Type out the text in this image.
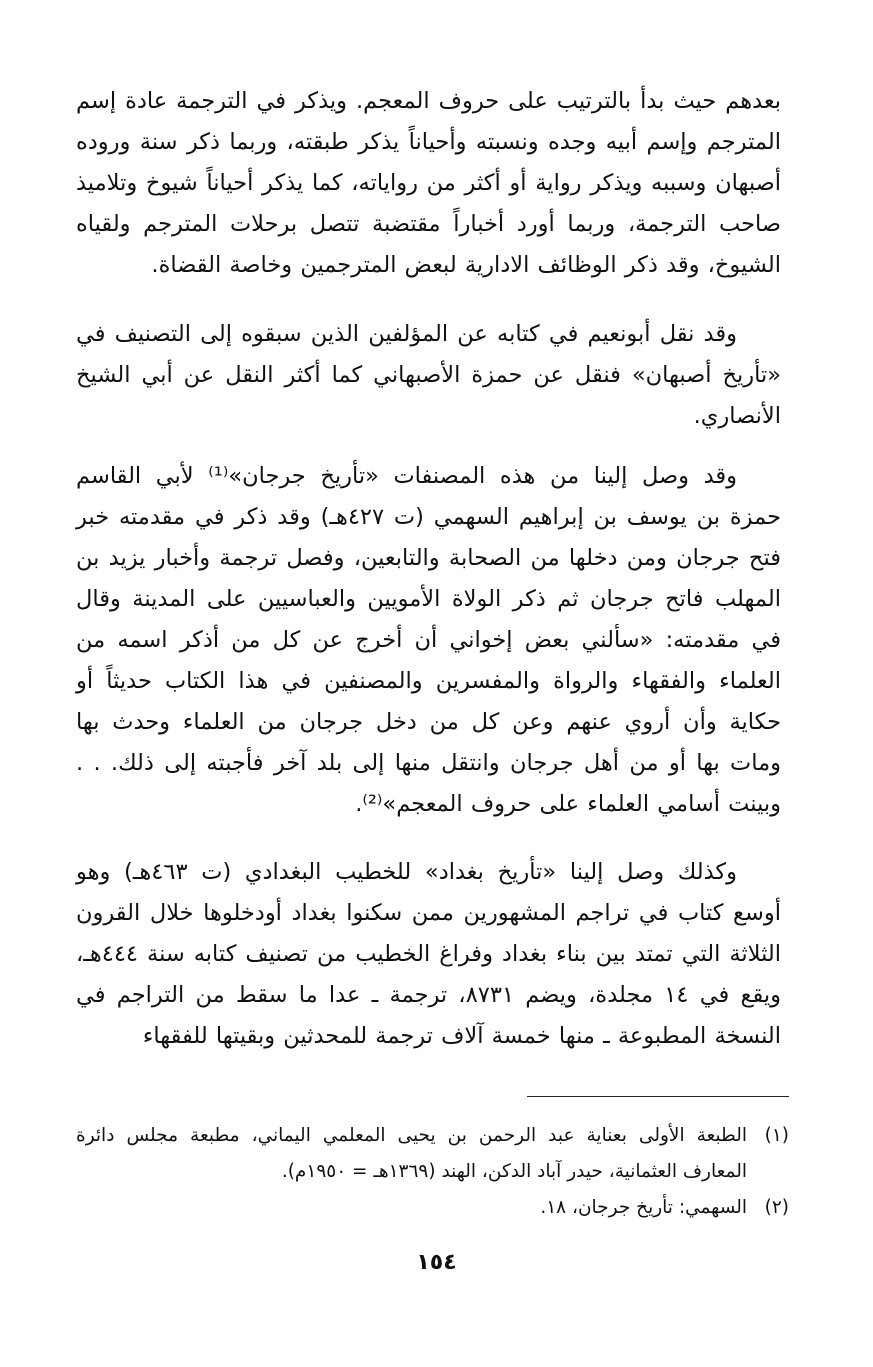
بعدهم حيث بدأ بالترتيب على حروف المعجم. ويذكر في الترجمة عادة إسم المترجم وإسم أبيه وجده ونسبته وأحياناً يذكر طبقته، وربما ذكر سنة وروده أصبهان وسببه ويذكر رواية أو أكثر من رواياته، كما يذكر أحياناً شيوخ وتلاميذ صاحب الترجمة، وربما أورد أخباراً مقتضبة تتصل برحلات المترجم ولقياه الشيوخ، وقد ذكر الوظائف الادارية لبعض المترجمين وخاصة القضاة.

وقد نقل أبونعيم في كتابه عن المؤلفين الذين سبقوه إلى التصنيف في «تأريخ أصبهان» فنقل عن حمزة الأصبهاني كما أكثر النقل عن أبي الشيخ الأنصاري.

وقد وصل إلينا من هذه المصنفات «تأريخ جرجان»⁽¹⁾ لأبي القاسم حمزة بن يوسف بن إبراهيم السهمي (ت ٤٢٧هـ) وقد ذكر في مقدمته خبر فتح جرجان ومن دخلها من الصحابة والتابعين، وفصل ترجمة وأخبار يزيد بن المهلب فاتح جرجان ثم ذكر الولاة الأمويين والعباسيين على المدينة وقال في مقدمته: «سألني بعض إخواني أن أخرج عن كل من أذكر اسمه من العلماء والفقهاء والرواة والمفسرين والمصنفين في هذا الكتاب حديثاً أو حكاية وأن أروي عنهم وعن كل من دخل جرجان من العلماء وحدث بها ومات بها أو من أهل جرجان وانتقل منها إلى بلد آخر فأجبته إلى ذلك. . . وبينت أسامي العلماء على حروف المعجم»⁽²⁾.

وكذلك وصل إلينا «تأريخ بغداد» للخطيب البغدادي (ت ٤٦٣هـ) وهو أوسع كتاب في تراجم المشهورين ممن سكنوا بغداد أودخلوها خلال القرون الثلاثة التي تمتد بين بناء بغداد وفراغ الخطيب من تصنيف كتابه سنة ٤٤٤هـ، ويقع في ١٤ مجلدة، ويضم ٨٧٣١، ترجمة ـ عدا ما سقط من التراجم في النسخة المطبوعة ـ منها خمسة آلاف ترجمة للمحدثين وبقيتها للفقهاء

(١)
الطبعة الأولى بعناية عبد الرحمن بن يحيى المعلمي اليماني، مطبعة مجلس دائرة المعارف العثمانية، حيدر آباد الدكن، الهند (١٣٦٩هـ = ١٩٥٠م).
(٢)
السهمي: تأريخ جرجان، ١٨.
١٥٤
